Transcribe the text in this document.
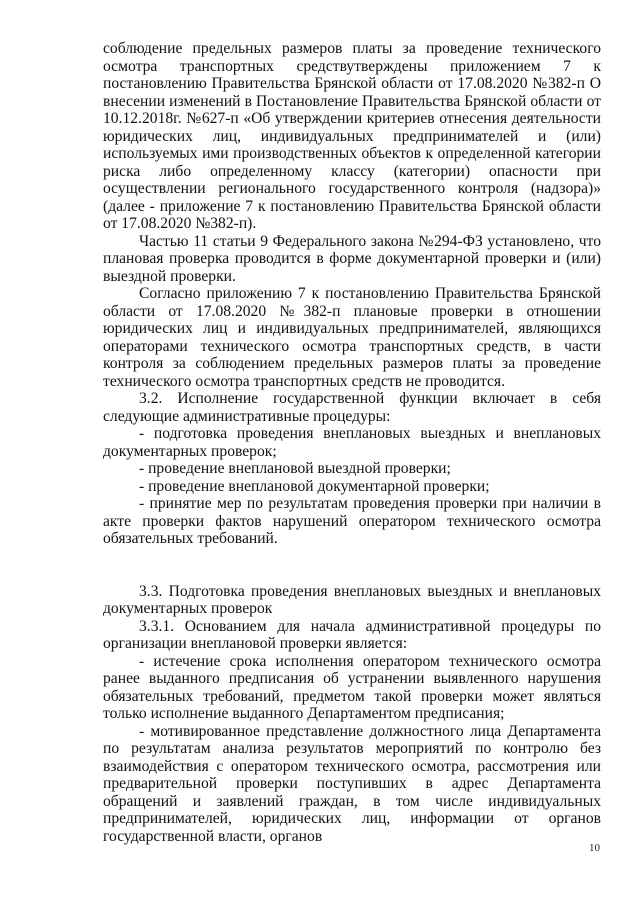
соблюдение предельных размеров платы за проведение технического осмотра транспортных средствутверждены приложением 7 к постановлению Правительства Брянской области от 17.08.2020 №382-п О внесении изменений в Постановление Правительства Брянской области от 10.12.2018г. №627-п «Об утверждении критериев отнесения деятельности юридических лиц, индивидуальных предпринимателей и (или) используемых ими производственных объектов к определенной категории риска либо определенному классу (категории) опасности при осуществлении регионального государственного контроля (надзора)» (далее - приложение 7 к постановлению Правительства Брянской области от 17.08.2020 №382-п).

Частью 11 статьи 9 Федерального закона №294-ФЗ установлено, что плановая проверка проводится в форме документарной проверки и (или) выездной проверки.

Согласно приложению 7 к постановлению Правительства Брянской области от 17.08.2020 №382-п плановые проверки в отношении юридических лиц и индивидуальных предпринимателей, являющихся операторами технического осмотра транспортных средств, в части контроля за соблюдением предельных размеров платы за проведение технического осмотра транспортных средств не проводится.

3.2. Исполнение государственной функции включает в себя следующие административные процедуры:

- подготовка проведения внеплановых выездных и внеплановых документарных проверок;

- проведение внеплановой выездной проверки;

- проведение внеплановой документарной проверки;

- принятие мер по результатам проведения проверки при наличии в акте проверки фактов нарушений оператором технического осмотра обязательных требований.

3.3. Подготовка проведения внеплановых выездных и внеплановых документарных проверок

3.3.1. Основанием для начала административной процедуры по организации внеплановой проверки является:

- истечение срока исполнения оператором технического осмотра ранее выданного предписания об устранении выявленного нарушения обязательных требований, предметом такой проверки может являться только исполнение выданного Департаментом предписания;

- мотивированное представление должностного лица Департамента по результатам анализа результатов мероприятий по контролю без взаимодействия с оператором технического осмотра, рассмотрения или предварительной проверки поступивших в адрес Департамента обращений и заявлений граждан, в том числе индивидуальных предпринимателей, юридических лиц, информации от органов государственной власти, органов

10
